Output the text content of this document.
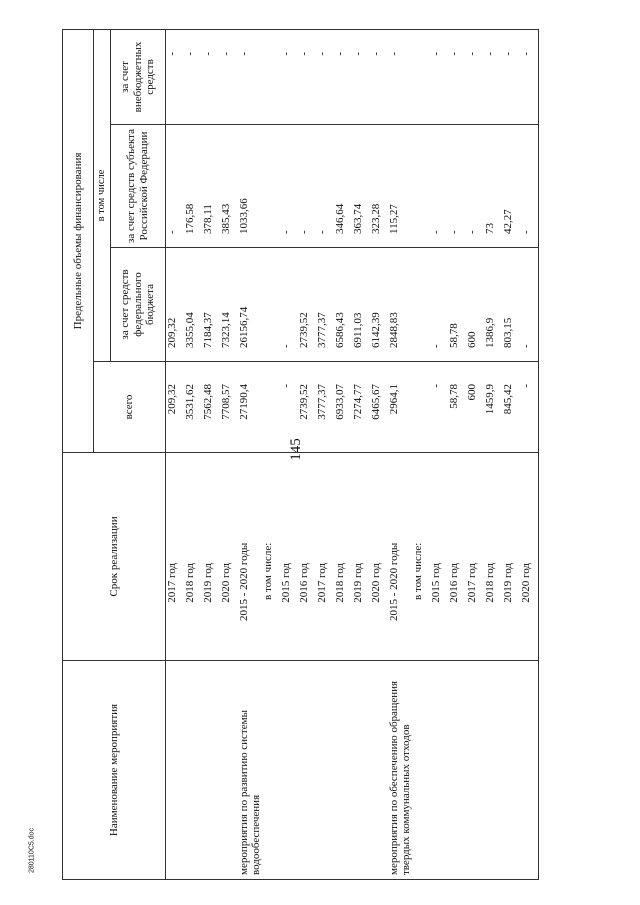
145
280110C5.doc
Наименование мероприятия	Срок реализации	Предельные объемы финансирования			
		всего	в том числе		
			за счет средств федерального бюджета	за счет средств субъекта Российской Федерации	за счет внебюджетных средств
	2017 год	209,32	209,32	-	-
	2018 год	3531,62	3355,04	176,58	-
	2019 год	7562,48	7184,37	378,11	-
	2020 год	7708,57	7323,14	385,43	-
мероприятия по развитию системы водообеспечения	2015 - 2020 годы	27190,4	26156,74	1033,66	-
	в том числе:				
	2015 год	-	-	-	-
	2016 год	2739,52	2739,52	-	-
	2017 год	3777,37	3777,37	-	-
	2018 год	6933,07	6586,43	346,64	-
	2019 год	7274,77	6911,03	363,74	-
	2020 год	6465,67	6142,39	323,28	-
мероприятия по обеспечению обращения твердых коммунальных отходов	2015 - 2020 годы	2964,1	2848,83	115,27	-
	в том числе:				
	2015 год	-	-	-	-
	2016 год	58,78	58,78	-	-
	2017 год	600	600	-	-
	2018 год	1459,9	1386,9	73	-
	2019 год	845,42	803,15	42,27	-
	2020 год	-	-	-	-
